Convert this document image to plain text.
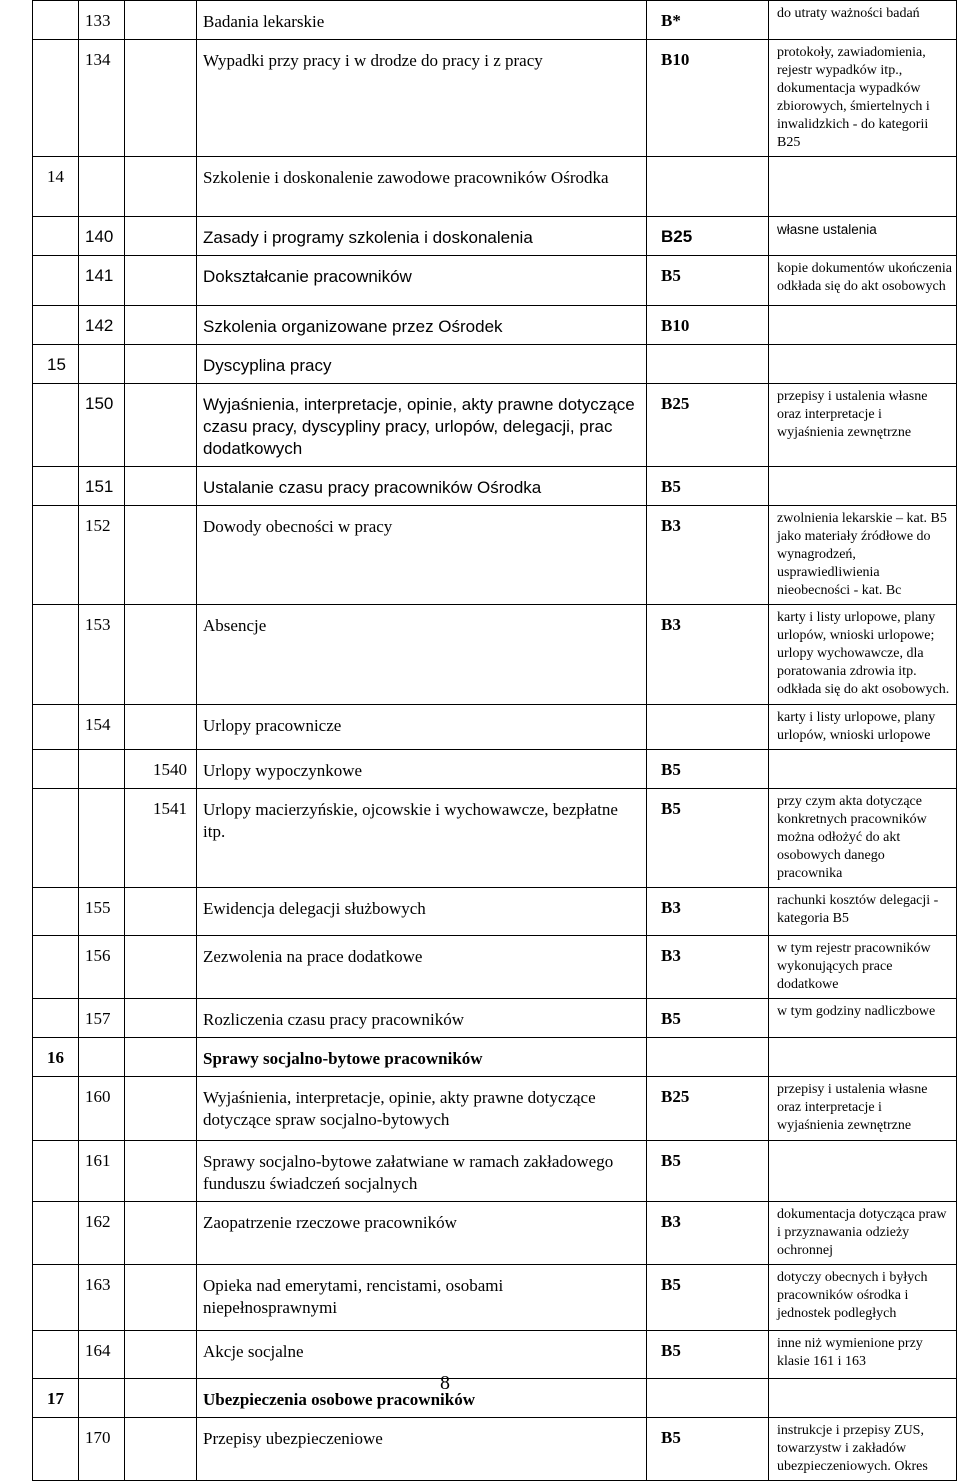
	133		Badania lekarskie	B*	do utraty ważności badań
	134		Wypadki przy pracy i w drodze do pracy i z pracy	B10	protokoły, zawiadomienia, rejestr wypadków itp., dokumentacja wypadków zbiorowych, śmiertelnych i inwalidzkich - do kategorii B25
14			Szkolenie i doskonalenie zawodowe pracowników Ośrodka		
	140		Zasady i programy szkolenia i doskonalenia	B25	własne ustalenia
	141		Dokształcanie pracowników	B5	kopie dokumentów ukończenia odkłada się do akt osobowych
	142		Szkolenia organizowane przez Ośrodek	B10	
15			Dyscyplina pracy		
	150		Wyjaśnienia, interpretacje, opinie, akty prawne dotyczące czasu pracy, dyscypliny pracy, urlopów, delegacji, prac dodatkowych	B25	przepisy i ustalenia własne oraz interpretacje i wyjaśnienia zewnętrzne
	151		Ustalanie czasu pracy pracowników Ośrodka	B5	
	152		Dowody obecności w pracy	B3	zwolnienia lekarskie – kat. B5 jako materiały źródłowe do wynagrodzeń, usprawiedliwienia nieobecności - kat. Bc
	153		Absencje	B3	karty i listy urlopowe, plany urlopów, wnioski urlopowe; urlopy wychowawcze, dla poratowania zdrowia itp. odkłada się do akt osobowych.
	154		Urlopy pracownicze		karty i listy urlopowe, plany urlopów, wnioski urlopowe
		1540	Urlopy wypoczynkowe	B5	
		1541	Urlopy macierzyńskie, ojcowskie i wychowawcze, bezpłatne itp.	B5	przy czym akta dotyczące konkretnych pracowników można odłożyć do akt osobowych danego pracownika
	155		Ewidencja delegacji służbowych	B3	rachunki kosztów delegacji - kategoria B5
	156		Zezwolenia na prace dodatkowe	B3	w tym rejestr pracowników wykonujących prace dodatkowe
	157		Rozliczenia czasu pracy pracowników	B5	w tym godziny nadliczbowe
16			Sprawy socjalno-bytowe pracowników		
	160		Wyjaśnienia, interpretacje, opinie, akty prawne dotyczące dotyczące spraw socjalno-bytowych	B25	przepisy i ustalenia własne oraz interpretacje i wyjaśnienia zewnętrzne
	161		Sprawy socjalno-bytowe załatwiane w ramach zakładowego funduszu świadczeń socjalnych	B5	
	162		Zaopatrzenie rzeczowe pracowników	B3	dokumentacja dotycząca praw i przyznawania odzieży ochronnej
	163		Opieka nad emerytami, rencistami, osobami niepełnosprawnymi	B5	dotyczy obecnych i byłych pracowników ośrodka i jednostek podległych
	164		Akcje socjalne	B5	inne niż wymienione przy klasie 161 i 163
17			Ubezpieczenia osobowe pracowników		
	170		Przepisy ubezpieczeniowe	B5	instrukcje i przepisy ZUS, towarzystw i zakładów ubezpieczeniowych. Okres
8
